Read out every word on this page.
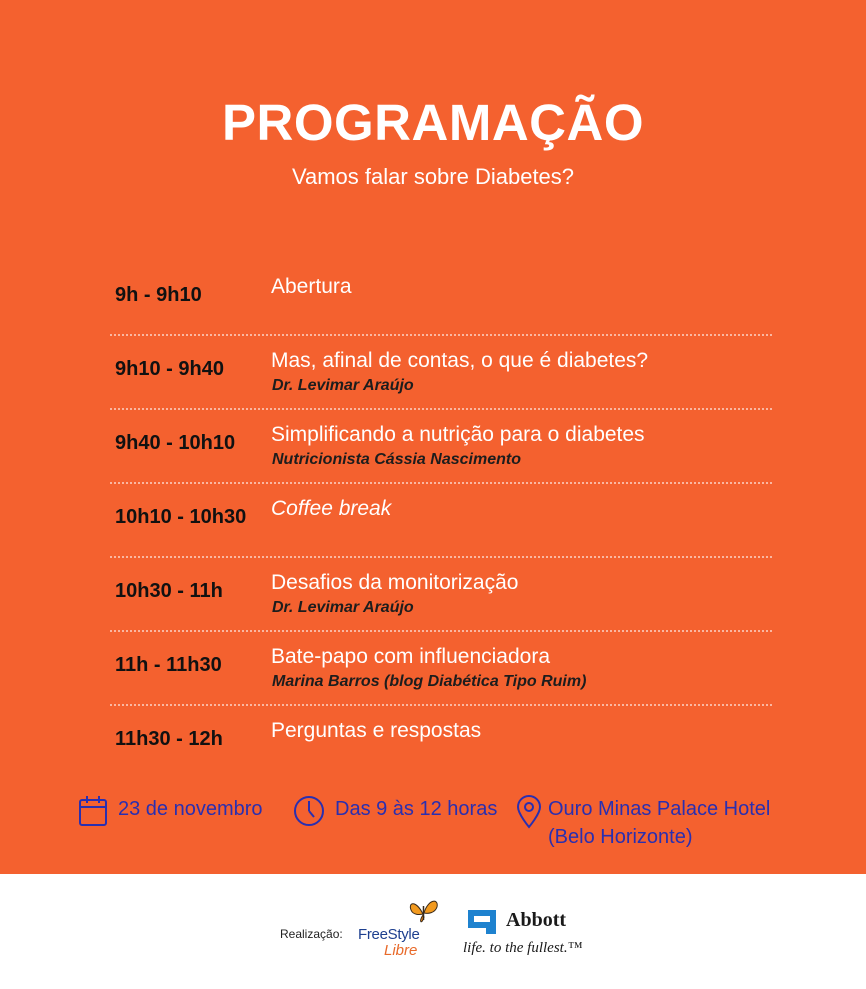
PROGRAMAÇÃO
Vamos falar sobre Diabetes?
9h - 9h10	Abertura
9h10 - 9h40 Mas, afinal de contas, o que é diabetes?
Dr. Levimar Araújo
9h40 - 10h10 Simplificando a nutrição para o diabetes
Nutricionista Cássia Nascimento
10h10 - 10h30 Coffee break
10h30 - 11h Desafios da monitorização
Dr. Levimar Araújo
11h - 11h30 Bate-papo com influenciadora
Marina Barros (blog Diabética Tipo Ruim)
11h30 - 12h Perguntas e respostas
23 de novembro	Das 9 às 12 horas	Ouro Minas Palace Hotel
(Belo Horizonte)
Realização: FreeStyle
Libre
Abbott
life. to the fullest.™
